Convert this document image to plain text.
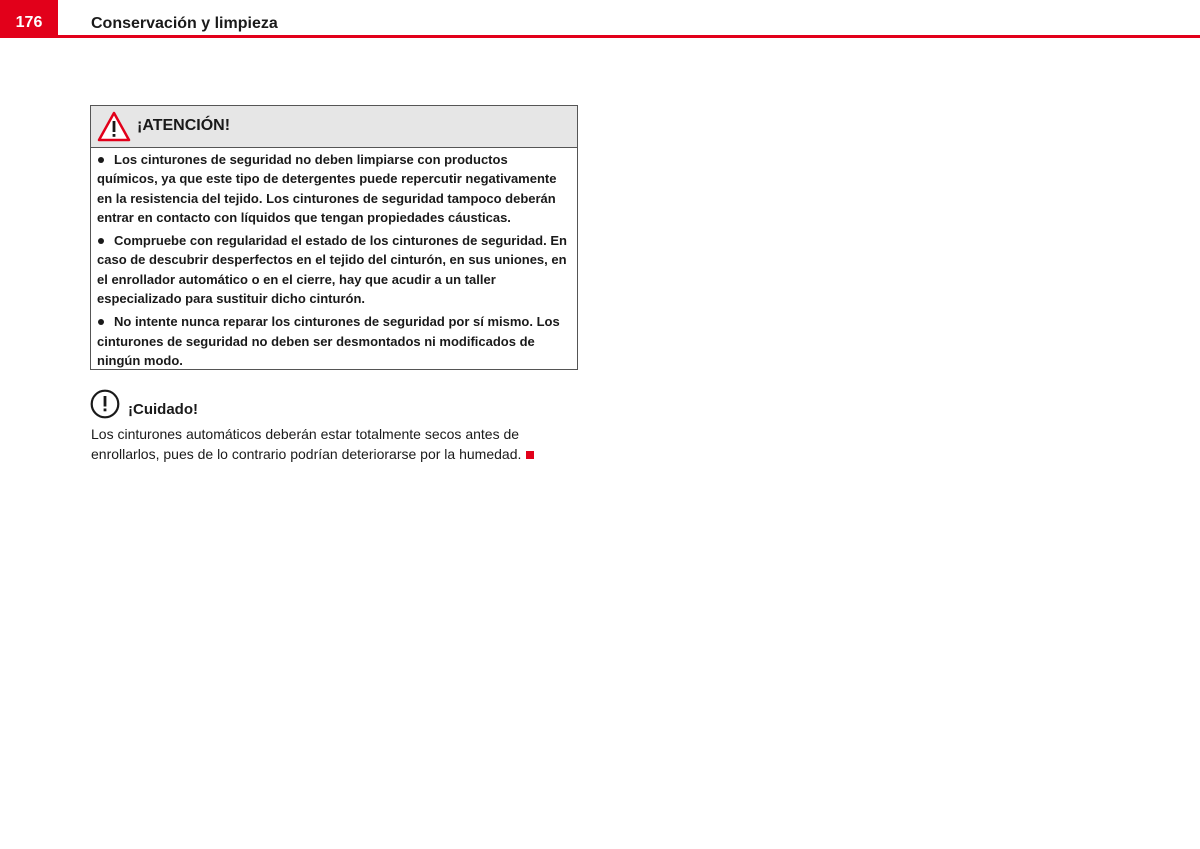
176	Conservación y limpieza
¡ATENCIÓN!
Los cinturones de seguridad no deben limpiarse con productos químicos, ya que este tipo de detergentes puede repercutir negativamente en la resistencia del tejido. Los cinturones de seguridad tampoco deberán entrar en contacto con líquidos que tengan propiedades cáusticas.
Compruebe con regularidad el estado de los cinturones de seguridad. En caso de descubrir desperfectos en el tejido del cinturón, en sus uniones, en el enrollador automático o en el cierre, hay que acudir a un taller especializado para sustituir dicho cinturón.
No intente nunca reparar los cinturones de seguridad por sí mismo. Los cinturones de seguridad no deben ser desmontados ni modificados de ningún modo.
¡Cuidado!
Los cinturones automáticos deberán estar totalmente secos antes de enrollarlos, pues de lo contrario podrían deteriorarse por la humedad.
